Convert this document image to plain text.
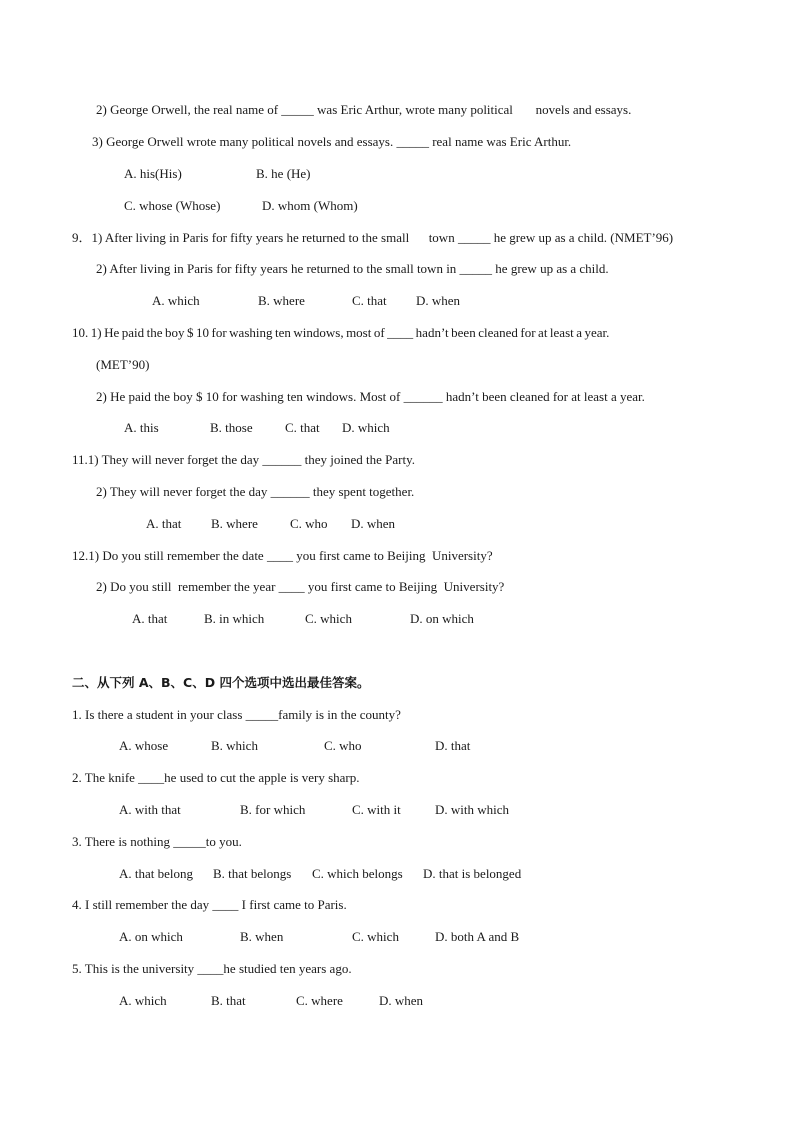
2) George Orwell, the real name of _____ was Eric Arthur, wrote many political       novels and essays.
3) George Orwell wrote many political novels and essays. _____ real name was Eric Arthur.
A. his(His)	B. he (He)
C. whose (Whose)	D. whom (Whom)
9．1) After living in Paris for fifty years he returned to the small      town _____ he grew up as a child. (NMET’96)
2) After living in Paris for fifty years he returned to the small town in _____ he grew up as a child.
A. which	B. where	C. that D. when
10.  1)  He  paid  the  boy  $  10  for  washing  ten  windows,  most  of  ____  hadn’t  been  cleaned  for  at  least  a  year.
(MET’90)
2) He paid the boy $ 10 for washing ten windows. Most of ______ hadn’t been cleaned for at least a year.
A. this	B. those C. that D. which
11.1) They will never forget the day ______ they joined the Party.
2) They will never forget the day ______ they spent together.
A. that B. where C. who D. when
12.1) Do you still remember the date ____ you first came to Beijing  University?
2) Do you still  remember the year ____ you first came to Beijing  University?
A. that	B. in which	C. which	D. on which
二、从下列 A、B、C、D 四个选项中选出最佳答案。
1. Is there a student in your class _____family is in the county?
A. whose	B. which	C. who	D. that
2. The knife ____he used to cut the apple is very sharp.
A. with that	B. for which	C. with it	D. with which
3. There is nothing _____to you.
A. that belong B. that belongs C. which belongs D. that is belonged
4. I still remember the day ____ I first came to Paris.
A. on which	B. when	C. which	D. both A and B
5. This is the university ____he studied ten years ago.
A. which	B. that	C. where	D. when
